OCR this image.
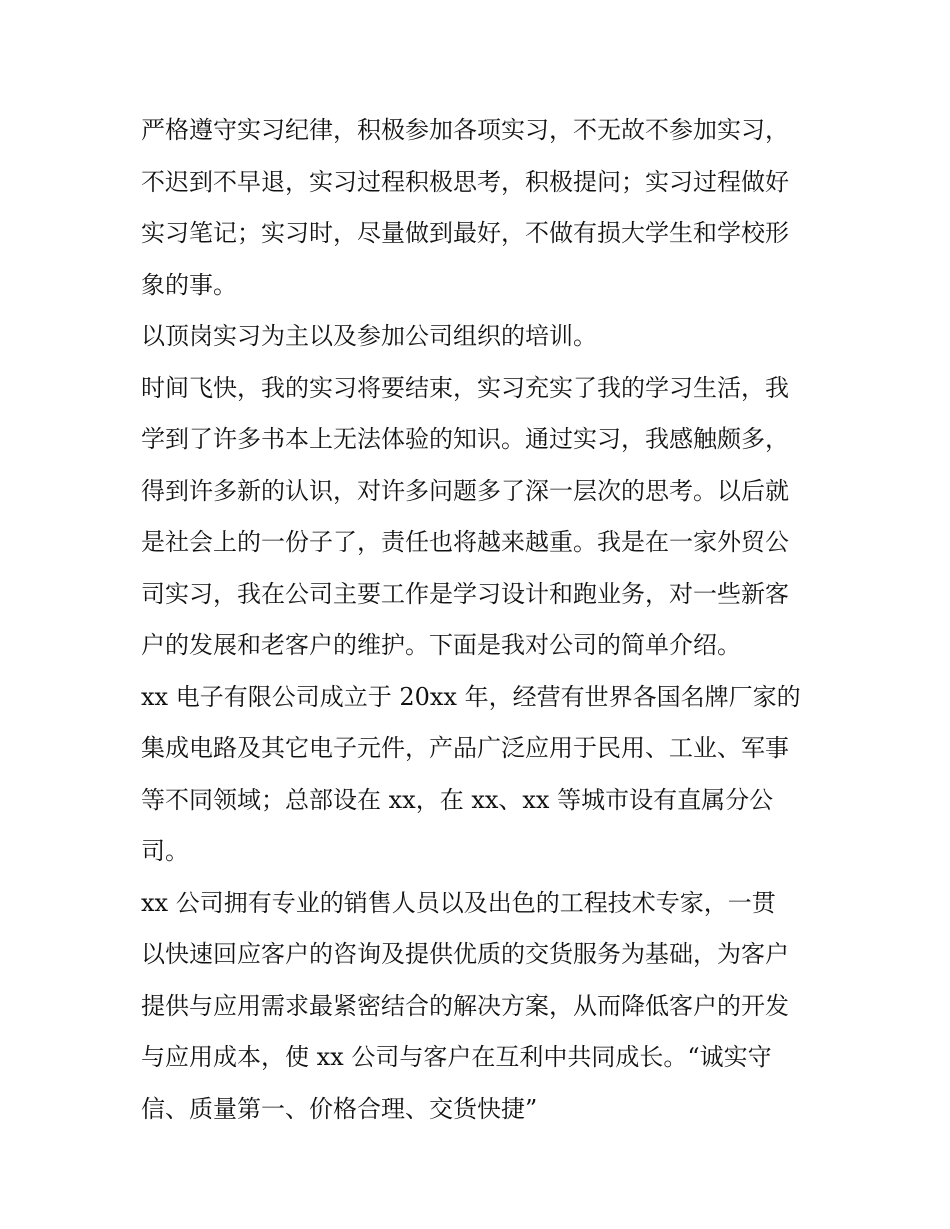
严格遵守实习纪律，积极参加各项实习，不无故不参加实习，
不迟到不早退，实习过程积极思考，积极提问；实习过程做好
实习笔记；实习时，尽量做到最好，不做有损大学生和学校形
象的事。
以顶岗实习为主以及参加公司组织的培训。
时间飞快，我的实习将要结束，实习充实了我的学习生活，我
学到了许多书本上无法体验的知识。通过实习，我感触颇多，
得到许多新的认识，对许多问题多了深一层次的思考。以后就
是社会上的一份子了，责任也将越来越重。我是在一家外贸公
司实习，我在公司主要工作是学习设计和跑业务，对一些新客
户的发展和老客户的维护。下面是我对公司的简单介绍。
xx 电子有限公司成立于 20xx 年，经营有世界各国名牌厂家的
集成电路及其它电子元件，产品广泛应用于民用、工业、军事
等不同领域；总部设在 xx，在 xx、xx 等城市设有直属分公
司。
xx 公司拥有专业的销售人员以及出色的工程技术专家，一贯
以快速回应客户的咨询及提供优质的交货服务为基础，为客户
提供与应用需求最紧密结合的解决方案，从而降低客户的开发
与应用成本，使 xx 公司与客户在互利中共同成长。“诚实守
信、质量第一、价格合理、交货快捷”
